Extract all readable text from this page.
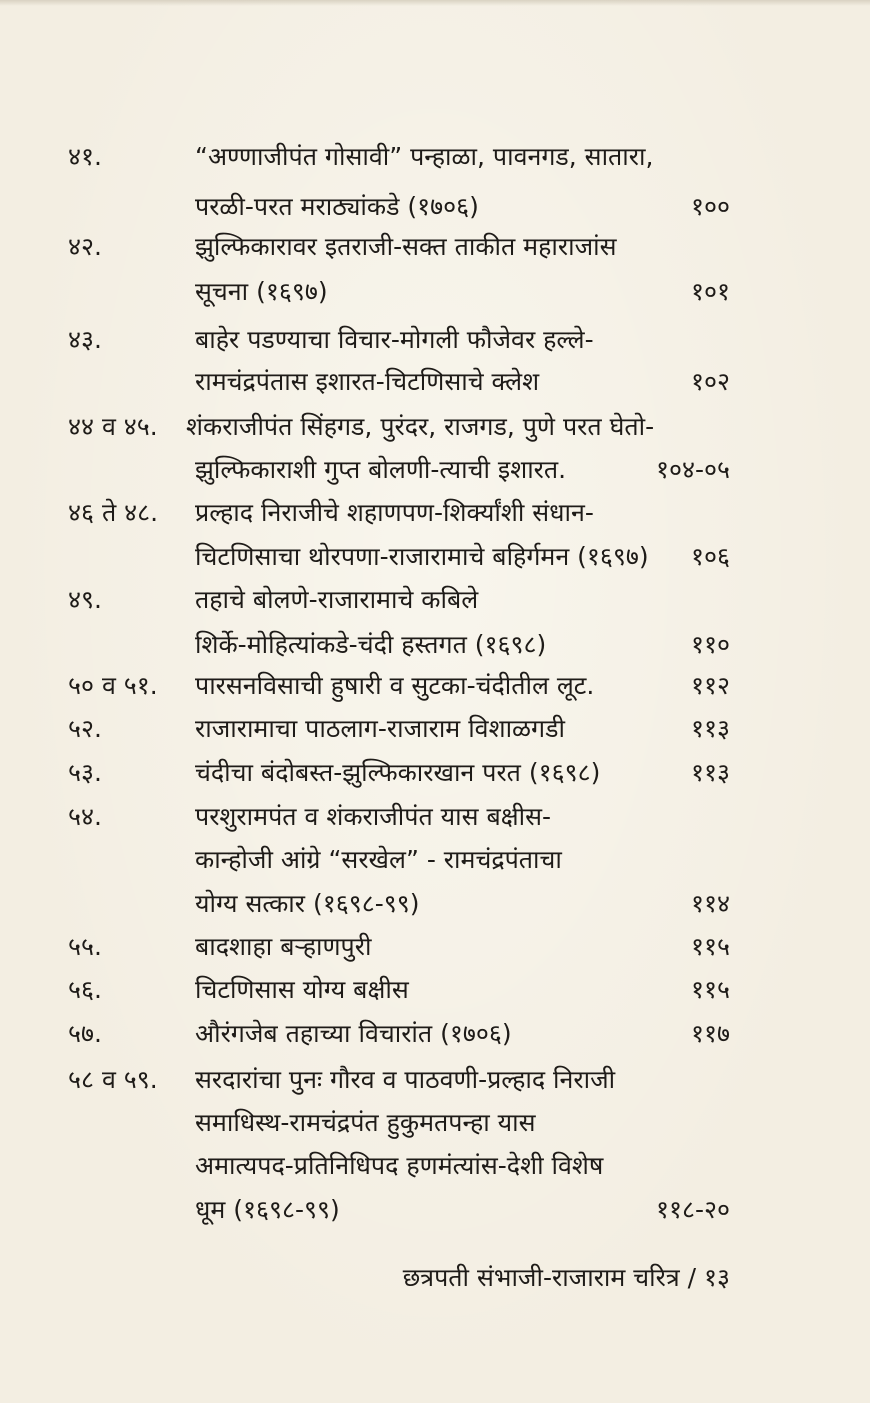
४१.	“अण्णाजीपंत गोसावी” पन्हाळा, पावनगड, सातारा,
परळी-परत मराठ्यांकडे (१७०६)	१००
४२.	झुल्फिकारावर इतराजी-सक्त ताकीत महाराजांस
सूचना (१६९७)	१०१
४३.	बाहेर पडण्याचा विचार-मोगली फौजेवर हल्ले-
रामचंद्रपंतास इशारत-चिटणिसाचे क्लेश	१०२
४४ व ४५. शंकराजीपंत सिंहगड, पुरंदर, राजगड, पुणे परत घेतो-
झुल्फिकाराशी गुप्त बोलणी-त्याची इशारत.	१०४-०५
४६ ते ४८. प्रल्हाद निराजीचे शहाणपण-शिर्क्यांशी संधान-
चिटणिसाचा थोरपणा-राजारामाचे बहिर्गमन (१६९७) १०६
४९.	तहाचे बोलणे-राजारामाचे कबिले
शिर्के-मोहित्यांकडे-चंदी हस्तगत (१६९८)	११०
५० व ५१. पारसनविसाची हुषारी व सुटका-चंदीतील लूट.	११२
५२.	राजारामाचा पाठलाग-राजाराम विशाळगडी	११३
५३.	चंदीचा बंदोबस्त-झुल्फिकारखान परत (१६९८)	११३
५४.	परशुरामपंत व शंकराजीपंत यास बक्षीस-
कान्होजी आंग्रे “सरखेल” - रामचंद्रपंताचा
योग्य सत्कार (१६९८-९९)	११४
५५.	बादशाहा बऱ्हाणपुरी	११५
५६.	चिटणिसास योग्य बक्षीस	११५
५७.	औरंगजेब तहाच्या विचारांत (१७०६)	११७
५८ व ५९. सरदारांचा पुनः गौरव व पाठवणी-प्रल्हाद निराजी
समाधिस्थ-रामचंद्रपंत हुकुमतपन्हा यास
अमात्यपद-प्रतिनिधिपद हणमंत्यांस-देशी विशेष
धूम (१६९८-९९)	११८-२०
छत्रपती संभाजी-राजाराम चरित्र / १३
